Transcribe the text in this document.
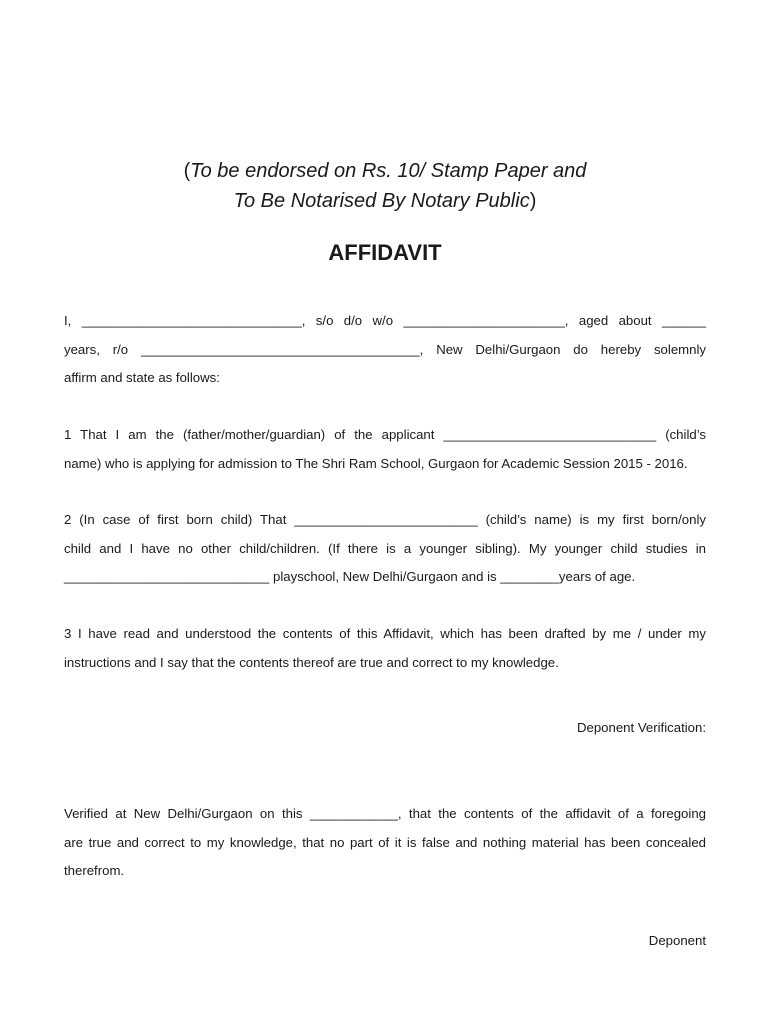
(To be endorsed on Rs. 10/ Stamp Paper and
To Be Notarised By Notary Public)
AFFIDAVIT
I, ______________________________, s/o d/o w/o ______________________, aged about ______
years, r/o ______________________________________, New Delhi/Gurgaon do hereby solemnly
affirm and state as follows:
1 That I am the (father/mother/guardian) of the applicant _____________________________ (child’s
name) who is applying for admission to The Shri Ram School, Gurgaon for Academic Session 2015 - 2016.
2 (In case of first born child) That _________________________ (child’s name) is my first born/only
child and I have no other child/children. (If there is a younger sibling). My younger child studies in
____________________________ playschool, New Delhi/Gurgaon and is ________years of age.
3 I have read and understood the contents of this Affidavit, which has been drafted by me / under my
instructions and I say that the contents thereof are true and correct to my knowledge.
Deponent Verification:
Verified at New Delhi/Gurgaon on this ____________, that the contents of the affidavit of a foregoing
are true and correct to my knowledge, that no part of it is false and nothing material has been concealed
therefrom.
Deponent
